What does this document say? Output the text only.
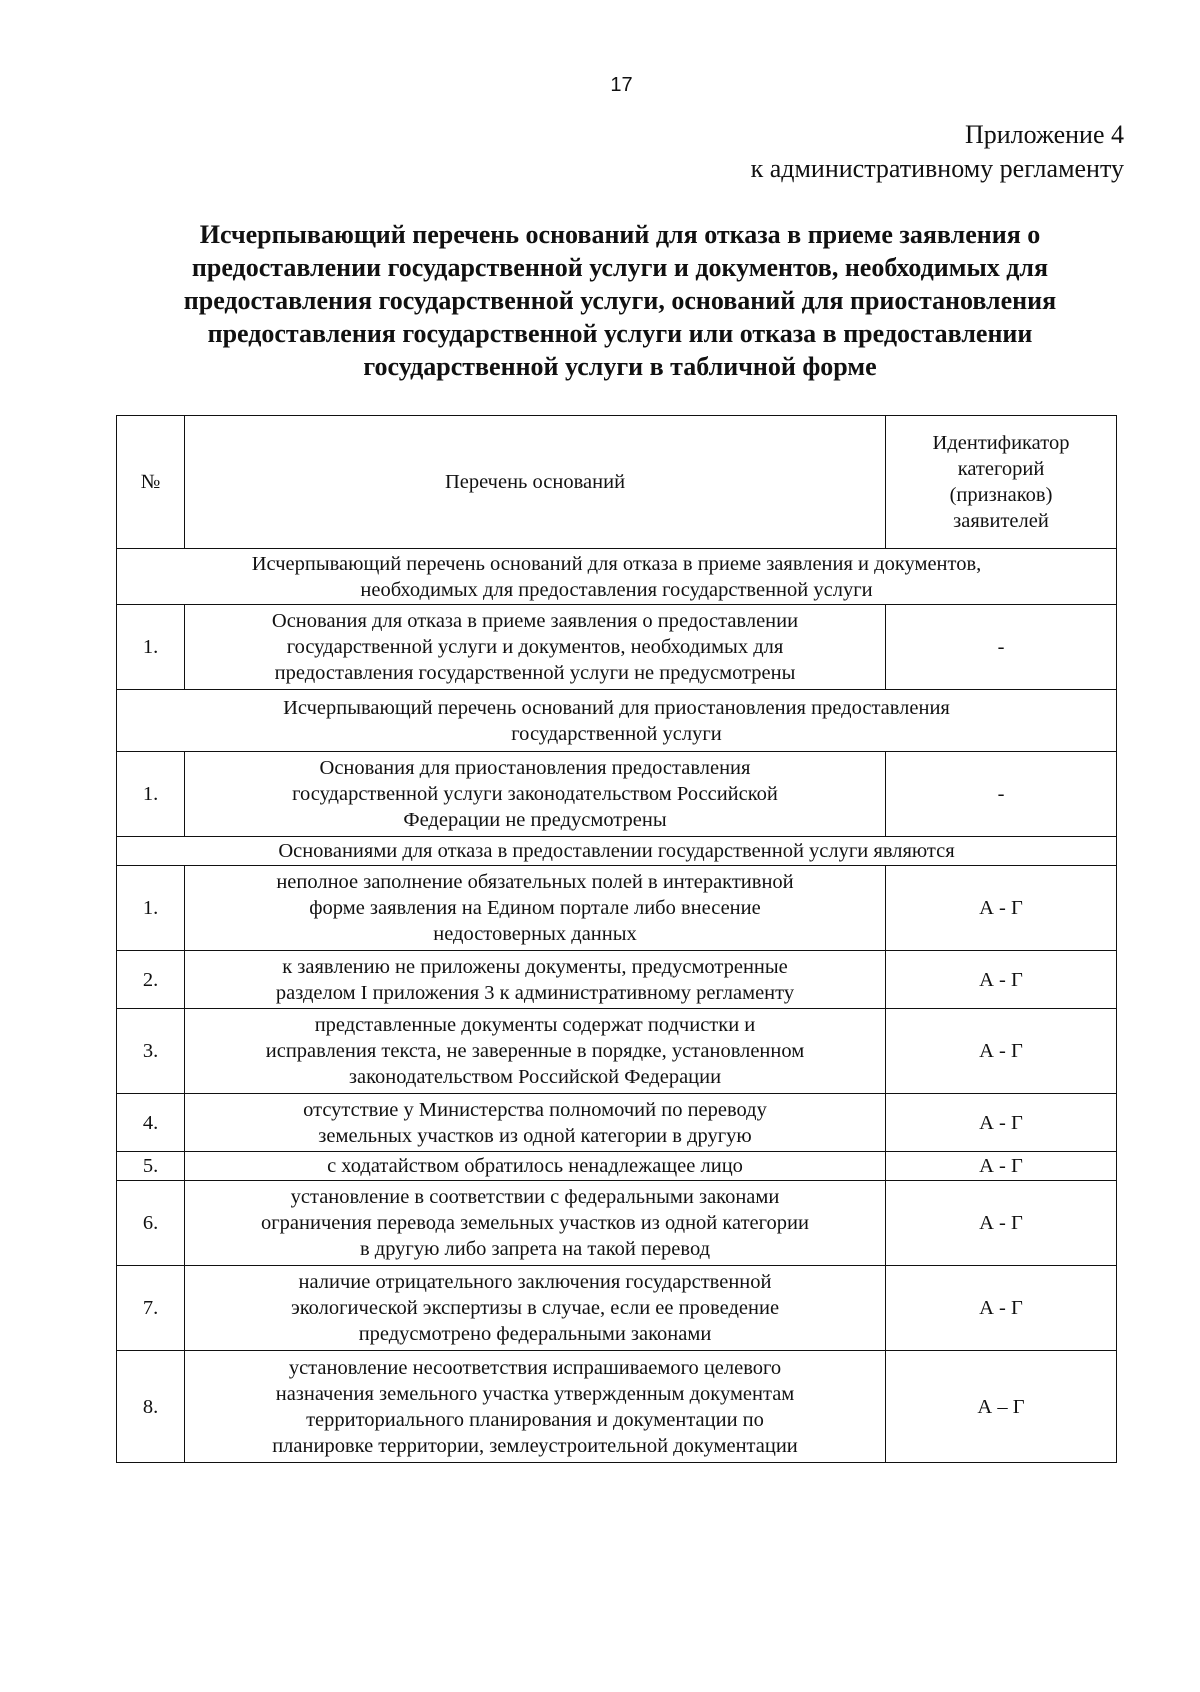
17
Приложение 4
к административному регламенту
Исчерпывающий перечень оснований для отказа в приеме заявления о
предоставлении государственной услуги и документов, необходимых для
предоставления государственной услуги, оснований для приостановления
предоставления государственной услуги или отказа в предоставлении
государственной услуги в табличной форме
№	Перечень оснований	Идентификатор
категорий
(признаков)
заявителей

Исчерпывающий перечень оснований для отказа в приеме заявления и документов,
необходимых для предоставления государственной услуги		

1.	Основания для отказа в приеме заявления о предоставлении
государственной услуги и документов, необходимых для
предоставления государственной услуги не предусмотрены	-

Исчерпывающий перечень оснований для приостановления предоставления
государственной услуги		

1.	Основания для приостановления предоставления
государственной услуги законодательством Российской
Федерации не предусмотрены	-

Основаниями для отказа в предоставлении государственной услуги являются		

1.	неполное заполнение обязательных полей в интерактивной
форме заявления на Едином портале либо внесение
недостоверных данных	А - Г
2.	к заявлению не приложены документы, предусмотренные
разделом I приложения 3 к административному регламенту	А - Г
3.	представленные документы содержат подчистки и
исправления текста, не заверенные в порядке, установленном
законодательством Российской Федерации	А - Г
4.	отсутствие у Министерства полномочий по переводу
земельных участков из одной категории в другую	А - Г
5.	с ходатайством обратилось ненадлежащее лицо	А - Г
6.	установление в соответствии с федеральными законами
ограничения перевода земельных участков из одной категории
в другую либо запрета на такой перевод	А - Г
7.	наличие отрицательного заключения государственной
экологической экспертизы в случае, если ее проведение
предусмотрено федеральными законами	А - Г
8.	установление несоответствия испрашиваемого целевого
назначения земельного участка утвержденным документам
территориального планирования и документации по
планировке территории, землеустроительной документации	А – Г
